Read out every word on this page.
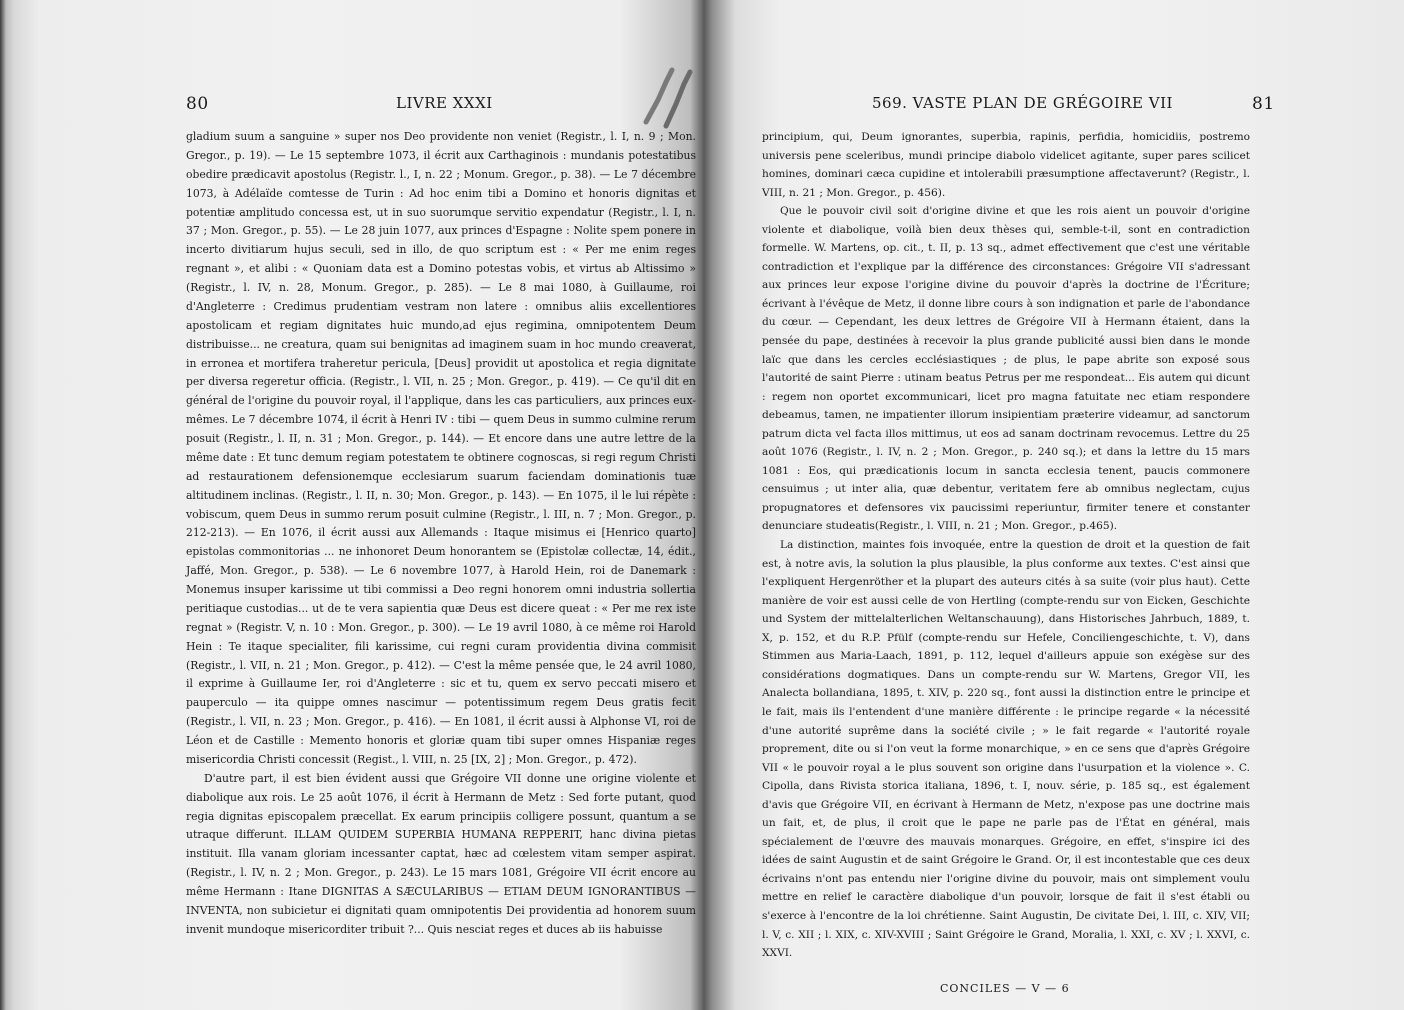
80	LIVRE XXXI

gladium suum a sanguine » super nos Deo providente non veniet (Registr., l. I, n. 9 ; Mon. Gregor., p. 19). — Le 15 septembre 1073, il écrit aux Carthaginois : mundanis potestatibus obedire prædicavit apostolus (Registr. l., I, n. 22 ; Monum. Gregor., p. 38). — Le 7 décembre 1073, à Adélaïde comtesse de Turin : Ad hoc enim tibi a Domino et honoris dignitas et potentiæ amplitudo concessa est, ut in suo suorumque servitio expendatur (Registr., l. I, n. 37 ; Mon. Gregor., p. 55). — Le 28 juin 1077, aux princes d'Espagne : Nolite spem ponere in incerto divitiarum hujus seculi, sed in illo, de quo scriptum est : « Per me enim reges regnant », et alibi : « Quoniam data est a Domino potestas vobis, et virtus ab Altissimo » (Registr., l. IV, n. 28, Monum. Gregor., p. 285). — Le 8 mai 1080, à Guillaume, roi d'Angleterre : Credimus prudentiam vestram non latere : omnibus aliis excellentiores apostolicam et regiam dignitates huic mundo,ad ejus regimina, omnipotentem Deum distribuisse... ne creatura, quam sui benignitas ad imaginem suam in hoc mundo creaverat, in erronea et mortifera traheretur pericula, [Deus] providit ut apostolica et regia dignitate per diversa regeretur officia. (Registr., l. VII, n. 25 ; Mon. Gregor., p. 419). — Ce qu'il dit en général de l'origine du pouvoir royal, il l'applique, dans les cas particuliers, aux princes eux-mêmes. Le 7 décembre 1074, il écrit à Henri IV : tibi — quem Deus in summo culmine rerum posuit (Registr., l. II, n. 31 ; Mon. Gregor., p. 144). — Et encore dans une autre lettre de la même date : Et tunc demum regiam potestatem te obtinere cognoscas, si regi regum Christi ad restaurationem defensionemque ecclesiarum suarum faciendam dominationis tuæ altitudinem inclinas. (Registr., l. II, n. 30; Mon. Gregor., p. 143). — En 1075, il le lui répète : vobiscum, quem Deus in summo rerum posuit culmine (Registr., l. III, n. 7 ; Mon. Gregor., p. 212-213). — En 1076, il écrit aussi aux Allemands : Itaque misimus ei [Henrico quarto] epistolas commonitorias ... ne inhonoret Deum honorantem se (Epistolæ collectæ, 14, édit., Jaffé, Mon. Gregor., p. 538). — Le 6 novembre 1077, à Harold Hein, roi de Danemark : Monemus insuper karissime ut tibi commissi a Deo regni honorem omni industria sollertia peritiaque custodias... ut de te vera sapientia quæ Deus est dicere queat : « Per me rex iste regnat » (Registr. V, n. 10 : Mon. Gregor., p. 300). — Le 19 avril 1080, à ce même roi Harold Hein : Te itaque specialiter, fili karissime, cui regni curam providentia divina commisit (Registr., l. VII, n. 21 ; Mon. Gregor., p. 412). — C'est la même pensée que, le 24 avril 1080, il exprime à Guillaume Ier, roi d'Angleterre : sic et tu, quem ex servo peccati misero et pauperculo — ita quippe omnes nascimur — potentissimum regem Deus gratis fecit (Registr., l. VII, n. 23 ; Mon. Gregor., p. 416). — En 1081, il écrit aussi à Alphonse VI, roi de Léon et de Castille : Memento honoris et gloriæ quam tibi super omnes Hispaniæ reges misericordia Christi concessit (Regist., l. VIII, n. 25 [IX, 2] ; Mon. Gregor., p. 472).

D'autre part, il est bien évident aussi que Grégoire VII donne une origine violente et diabolique aux rois. Le 25 août 1076, il écrit à Hermann de Metz : Sed forte putant, quod regia dignitas episcopalem præcellat. Ex earum principiis colligere possunt, quantum a se utraque differunt. ILLAM QUIDEM SUPERBIA HUMANA REPPERIT, hanc divina pietas instituit. Illa vanam gloriam incessanter captat, hæc ad cœlestem vitam semper aspirat. (Registr., l. IV, n. 2 ; Mon. Gregor., p. 243). Le 15 mars 1081, Grégoire VII écrit encore au même Hermann : Itane DIGNITAS A SÆCULARIBUS — ETIAM DEUM IGNORANTIBUS — INVENTA, non subicietur ei dignitati quam omnipotentis Dei providentia ad honorem suum invenit mundoque misericorditer tribuit ?... Quis nesciat reges et duces ab iis habuisse

569. VASTE PLAN DE GRÉGOIRE VII	81

principium, qui, Deum ignorantes, superbia, rapinis, perfidia, homicidiis, postremo universis pene sceleribus, mundi principe diabolo videlicet agitante, super pares scilicet homines, dominari cæca cupidine et intolerabili præsumptione affectaverunt? (Registr., l. VIII, n. 21 ; Mon. Gregor., p. 456).

Que le pouvoir civil soit d'origine divine et que les rois aient un pouvoir d'origine violente et diabolique, voilà bien deux thèses qui, semble-t-il, sont en contradiction formelle. W. Martens, op. cit., t. II, p. 13 sq., admet effectivement que c'est une véritable contradiction et l'explique par la différence des circonstances: Grégoire VII s'adressant aux princes leur expose l'origine divine du pouvoir d'après la doctrine de l'Écriture; écrivant à l'évêque de Metz, il donne libre cours à son indignation et parle de l'abondance du cœur. — Cependant, les deux lettres de Grégoire VII à Hermann étaient, dans la pensée du pape, destinées à recevoir la plus grande publicité aussi bien dans le monde laïc que dans les cercles ecclésiastiques ; de plus, le pape abrite son exposé sous l'autorité de saint Pierre : utinam beatus Petrus per me respondeat... Eis autem qui dicunt : regem non oportet excommunicari, licet pro magna fatuitate nec etiam respondere debeamus, tamen, ne impatienter illorum insipientiam præterire videamur, ad sanctorum patrum dicta vel facta illos mittimus, ut eos ad sanam doctrinam revocemus. Lettre du 25 août 1076 (Registr., l. IV, n. 2 ; Mon. Gregor., p. 240 sq.); et dans la lettre du 15 mars 1081 : Eos, qui prædicationis locum in sancta ecclesia tenent, paucis commonere censuimus ; ut inter alia, quæ debentur, veritatem fere ab omnibus neglectam, cujus propugnatores et defensores vix paucissimi reperiuntur, firmiter tenere et constanter denunciare studeatis(Registr., l. VIII, n. 21 ; Mon. Gregor., p.465).

La distinction, maintes fois invoquée, entre la question de droit et la question de fait est, à notre avis, la solution la plus plausible, la plus conforme aux textes. C'est ainsi que l'expliquent Hergenröther et la plupart des auteurs cités à sa suite (voir plus haut). Cette manière de voir est aussi celle de von Hertling (compte-rendu sur von Eicken, Geschichte und System der mittelalterlichen Weltanschauung), dans Historisches Jahrbuch, 1889, t. X, p. 152, et du R.P. Pfülf (compte-rendu sur Hefele, Conciliengeschichte, t. V), dans Stimmen aus Maria-Laach, 1891, p. 112, lequel d'ailleurs appuie son exégèse sur des considérations dogmatiques. Dans un compte-rendu sur W. Martens, Gregor VII, les Analecta bollandiana, 1895, t. XIV, p. 220 sq., font aussi la distinction entre le principe et le fait, mais ils l'entendent d'une manière différente : le principe regarde « la nécessité d'une autorité suprême dans la société civile ; » le fait regarde « l'autorité royale proprement, dite ou si l'on veut la forme monarchique, » en ce sens que d'après Grégoire VII « le pouvoir royal a le plus souvent son origine dans l'usurpation et la violence ». C. Cipolla, dans Rivista storica italiana, 1896, t. I, nouv. série, p. 185 sq., est également d'avis que Grégoire VII, en écrivant à Hermann de Metz, n'expose pas une doctrine mais un fait, et, de plus, il croit que le pape ne parle pas de l'État en général, mais spécialement de l'œuvre des mauvais monarques. Grégoire, en effet, s'inspire ici des idées de saint Augustin et de saint Grégoire le Grand. Or, il est incontestable que ces deux écrivains n'ont pas entendu nier l'origine divine du pouvoir, mais ont simplement voulu mettre en relief le caractère diabolique d'un pouvoir, lorsque de fait il s'est établi ou s'exerce à l'encontre de la loi chrétienne. Saint Augustin, De civitate Dei, l. III, c. XIV, VII; l. V, c. XII ; l. XIX, c. XIV-XVIII ; Saint Grégoire le Grand, Moralia, l. XXI, c. XV ; l. XXVI, c. XXVI.

CONCILES — V — 6
